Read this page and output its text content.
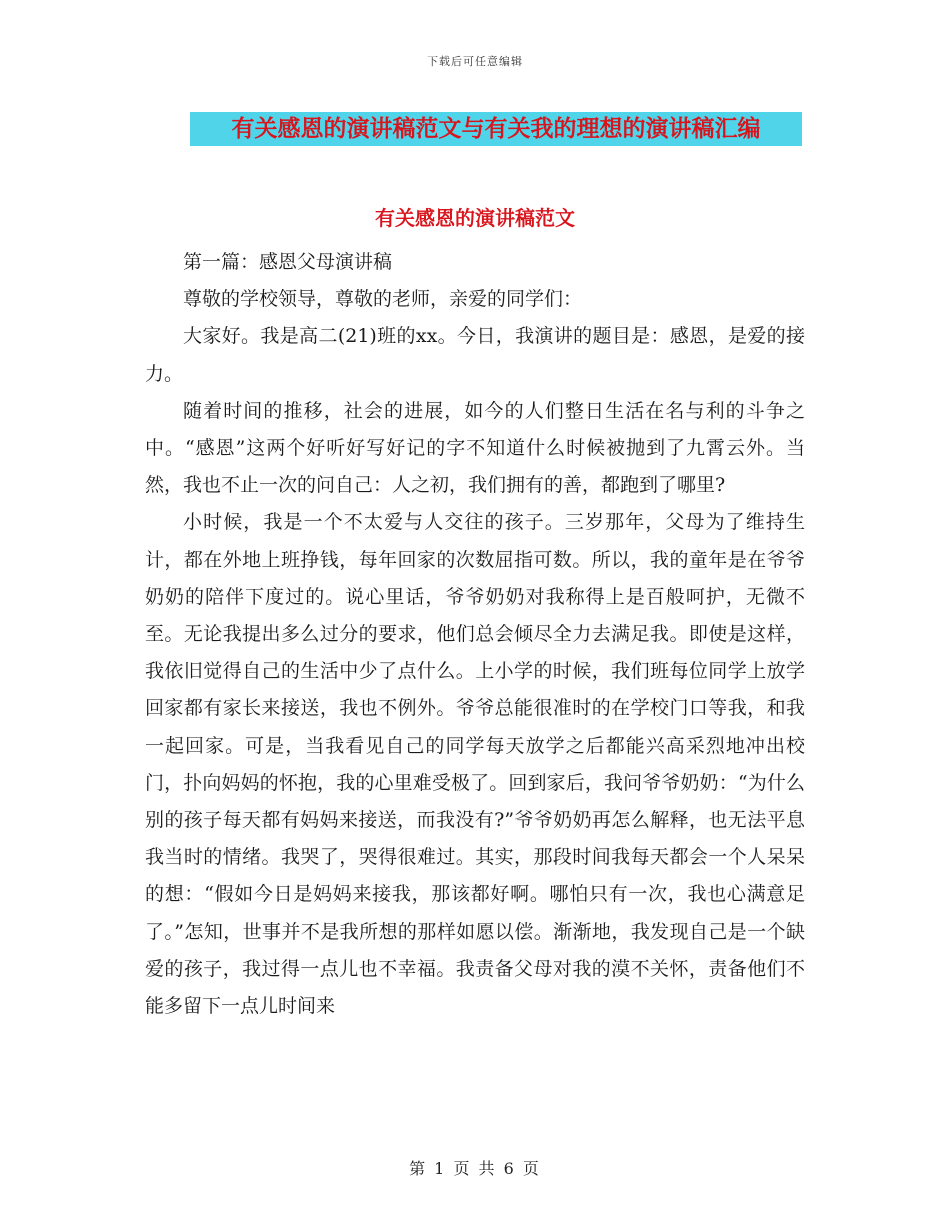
下载后可任意编辑
有关感恩的演讲稿范文与有关我的理想的演讲稿汇编
有关感恩的演讲稿范文

第一篇：感恩父母演讲稿

尊敬的学校领导，尊敬的老师，亲爱的同学们：

大家好。我是高二(21)班的xx。今日，我演讲的题目是：感恩，是爱的接力。

随着时间的推移，社会的进展，如今的人们整日生活在名与利的斗争之中。“感恩”这两个好听好写好记的字不知道什么时候被抛到了九霄云外。当然，我也不止一次的问自己：人之初，我们拥有的善，都跑到了哪里?

小时候，我是一个不太爱与人交往的孩子。三岁那年，父母为了维持生计，都在外地上班挣钱，每年回家的次数屈指可数。所以，我的童年是在爷爷奶奶的陪伴下度过的。说心里话，爷爷奶奶对我称得上是百般呵护，无微不至。无论我提出多么过分的要求，他们总会倾尽全力去满足我。即使是这样，我依旧觉得自己的生活中少了点什么。上小学的时候，我们班每位同学上放学回家都有家长来接送，我也不例外。爷爷总能很准时的在学校门口等我，和我一起回家。可是，当我看见自己的同学每天放学之后都能兴高采烈地冲出校门，扑向妈妈的怀抱，我的心里难受极了。回到家后，我问爷爷奶奶：“为什么别的孩子每天都有妈妈来接送，而我没有?”爷爷奶奶再怎么解释，也无法平息我当时的情绪。我哭了，哭得很难过。其实，那段时间我每天都会一个人呆呆的想：“假如今日是妈妈来接我，那该都好啊。哪怕只有一次，我也心满意足了。”怎知，世事并不是我所想的那样如愿以偿。渐渐地，我发现自己是一个缺爱的孩子，我过得一点儿也不幸福。我责备父母对我的漠不关怀，责备他们不能多留下一点儿时间来

第 1 页 共 6 页
